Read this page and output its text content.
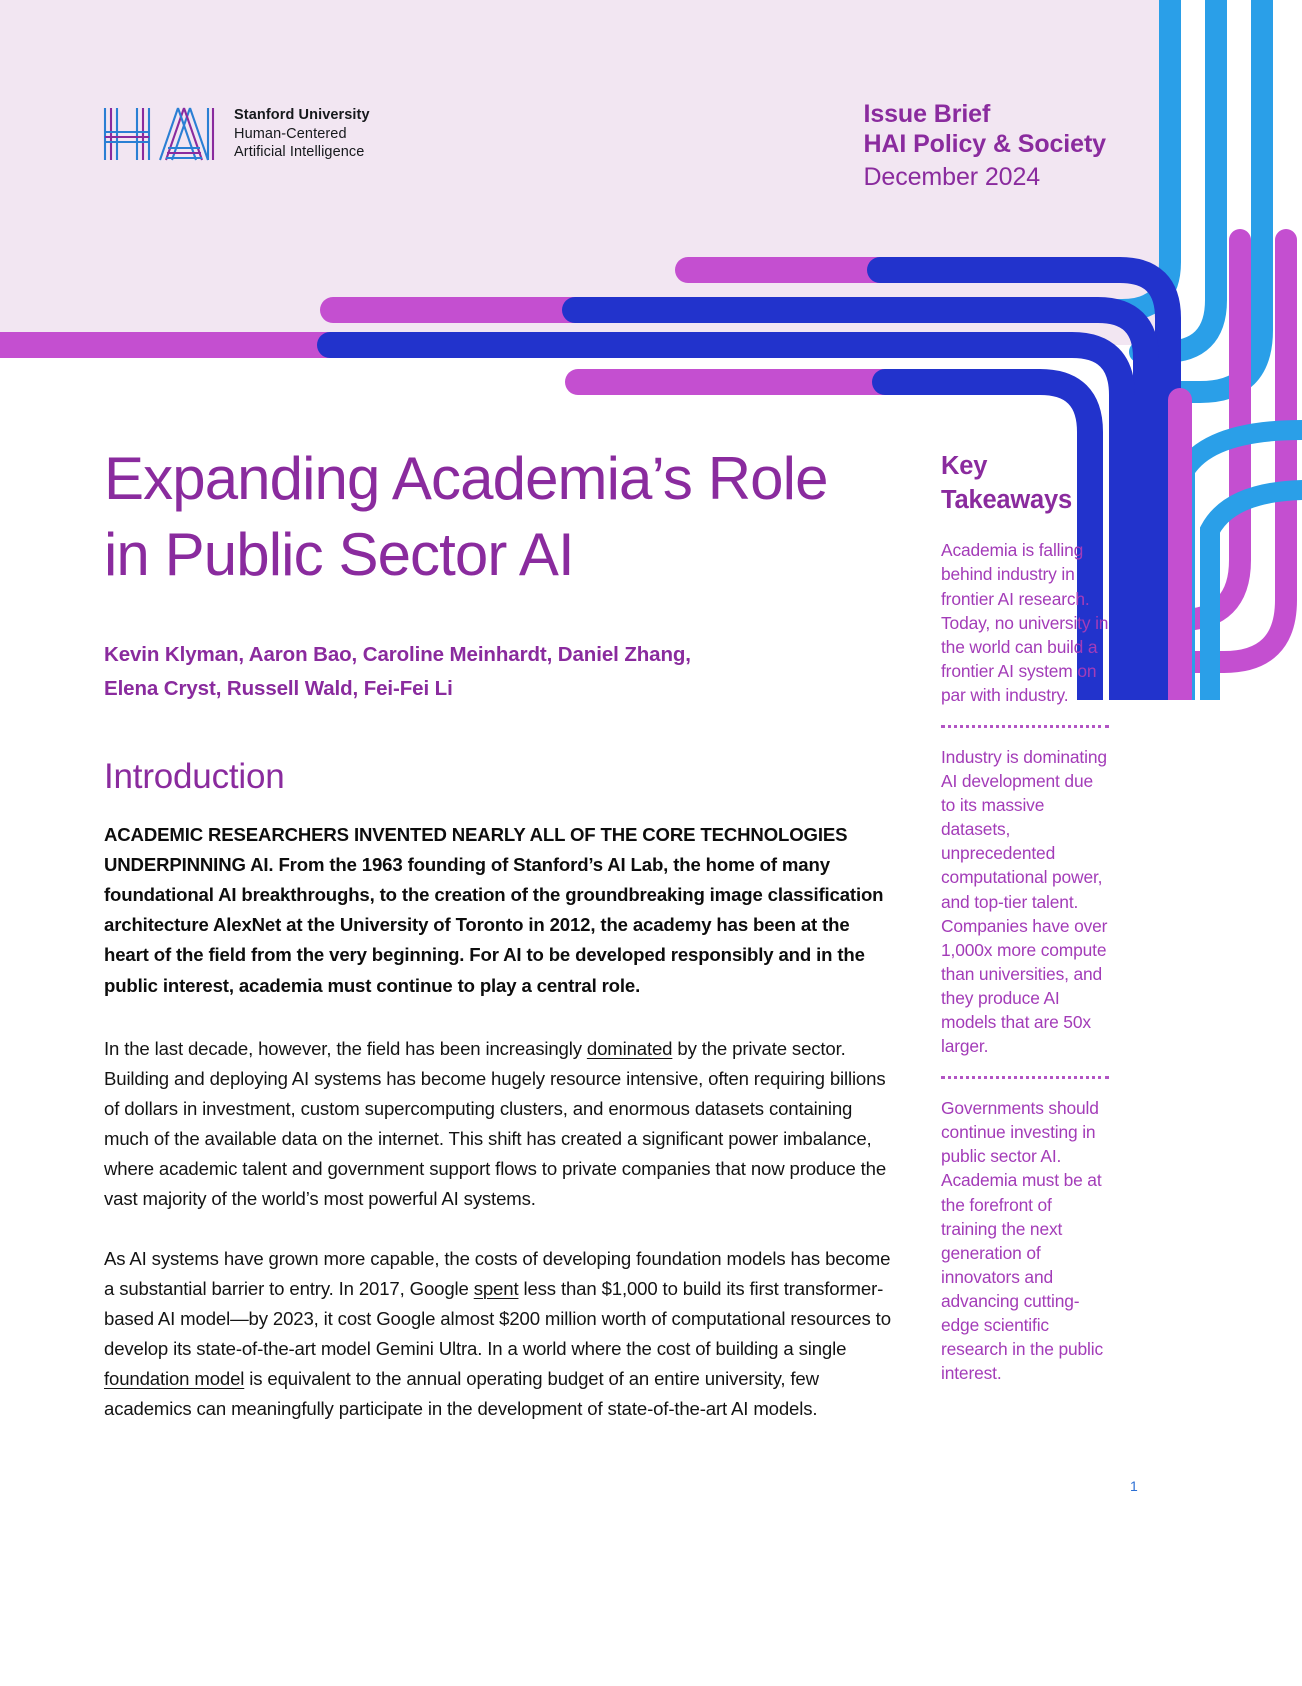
Stanford University
Human-Centered
Artificial Intelligence
Issue Brief
HAI Policy & Society
December 2024
Expanding Academia’s Role in Public Sector AI
Kevin Klyman, Aaron Bao, Caroline Meinhardt, Daniel Zhang,
Elena Cryst, Russell Wald, Fei-Fei Li
Introduction

ACADEMIC RESEARCHERS INVENTED NEARLY ALL OF THE CORE TECHNOLOGIES UNDERPINNING AI. From the 1963 founding of Stanford’s AI Lab, the home of many foundational AI breakthroughs, to the creation of the groundbreaking image classification architecture AlexNet at the University of Toronto in 2012, the academy has been at the heart of the field from the very beginning. For AI to be developed responsibly and in the public interest, academia must continue to play a central role.

In the last decade, however, the field has been increasingly dominated by the private sector. Building and deploying AI systems has become hugely resource intensive, often requiring billions of dollars in investment, custom supercomputing clusters, and enormous datasets containing much of the available data on the internet. This shift has created a significant power imbalance, where academic talent and government support flows to private companies that now produce the vast majority of the world’s most powerful AI systems.

As AI systems have grown more capable, the costs of developing foundation models has become a substantial barrier to entry. In 2017, Google spent less than $1,000 to build its first transformer-based AI model—by 2023, it cost Google almost $200 million worth of computational resources to develop its state-of-the-art model Gemini Ultra. In a world where the cost of building a single foundation model is equivalent to the annual operating budget of an entire university, few academics can meaningfully participate in the development of state-of-the-art AI models.

Key
Takeaways

Academia is falling behind industry in frontier AI research. Today, no university in the world can build a frontier AI system on par with industry.

Industry is dominating AI development due to its massive datasets, unprecedented computational power, and top-tier talent. Companies have over 1,000x more compute than universities, and they produce AI models that are 50x larger.

Governments should continue investing in public sector AI. Academia must be at the forefront of training the next generation of innovators and advancing cutting-edge scientific research in the public interest.

1
